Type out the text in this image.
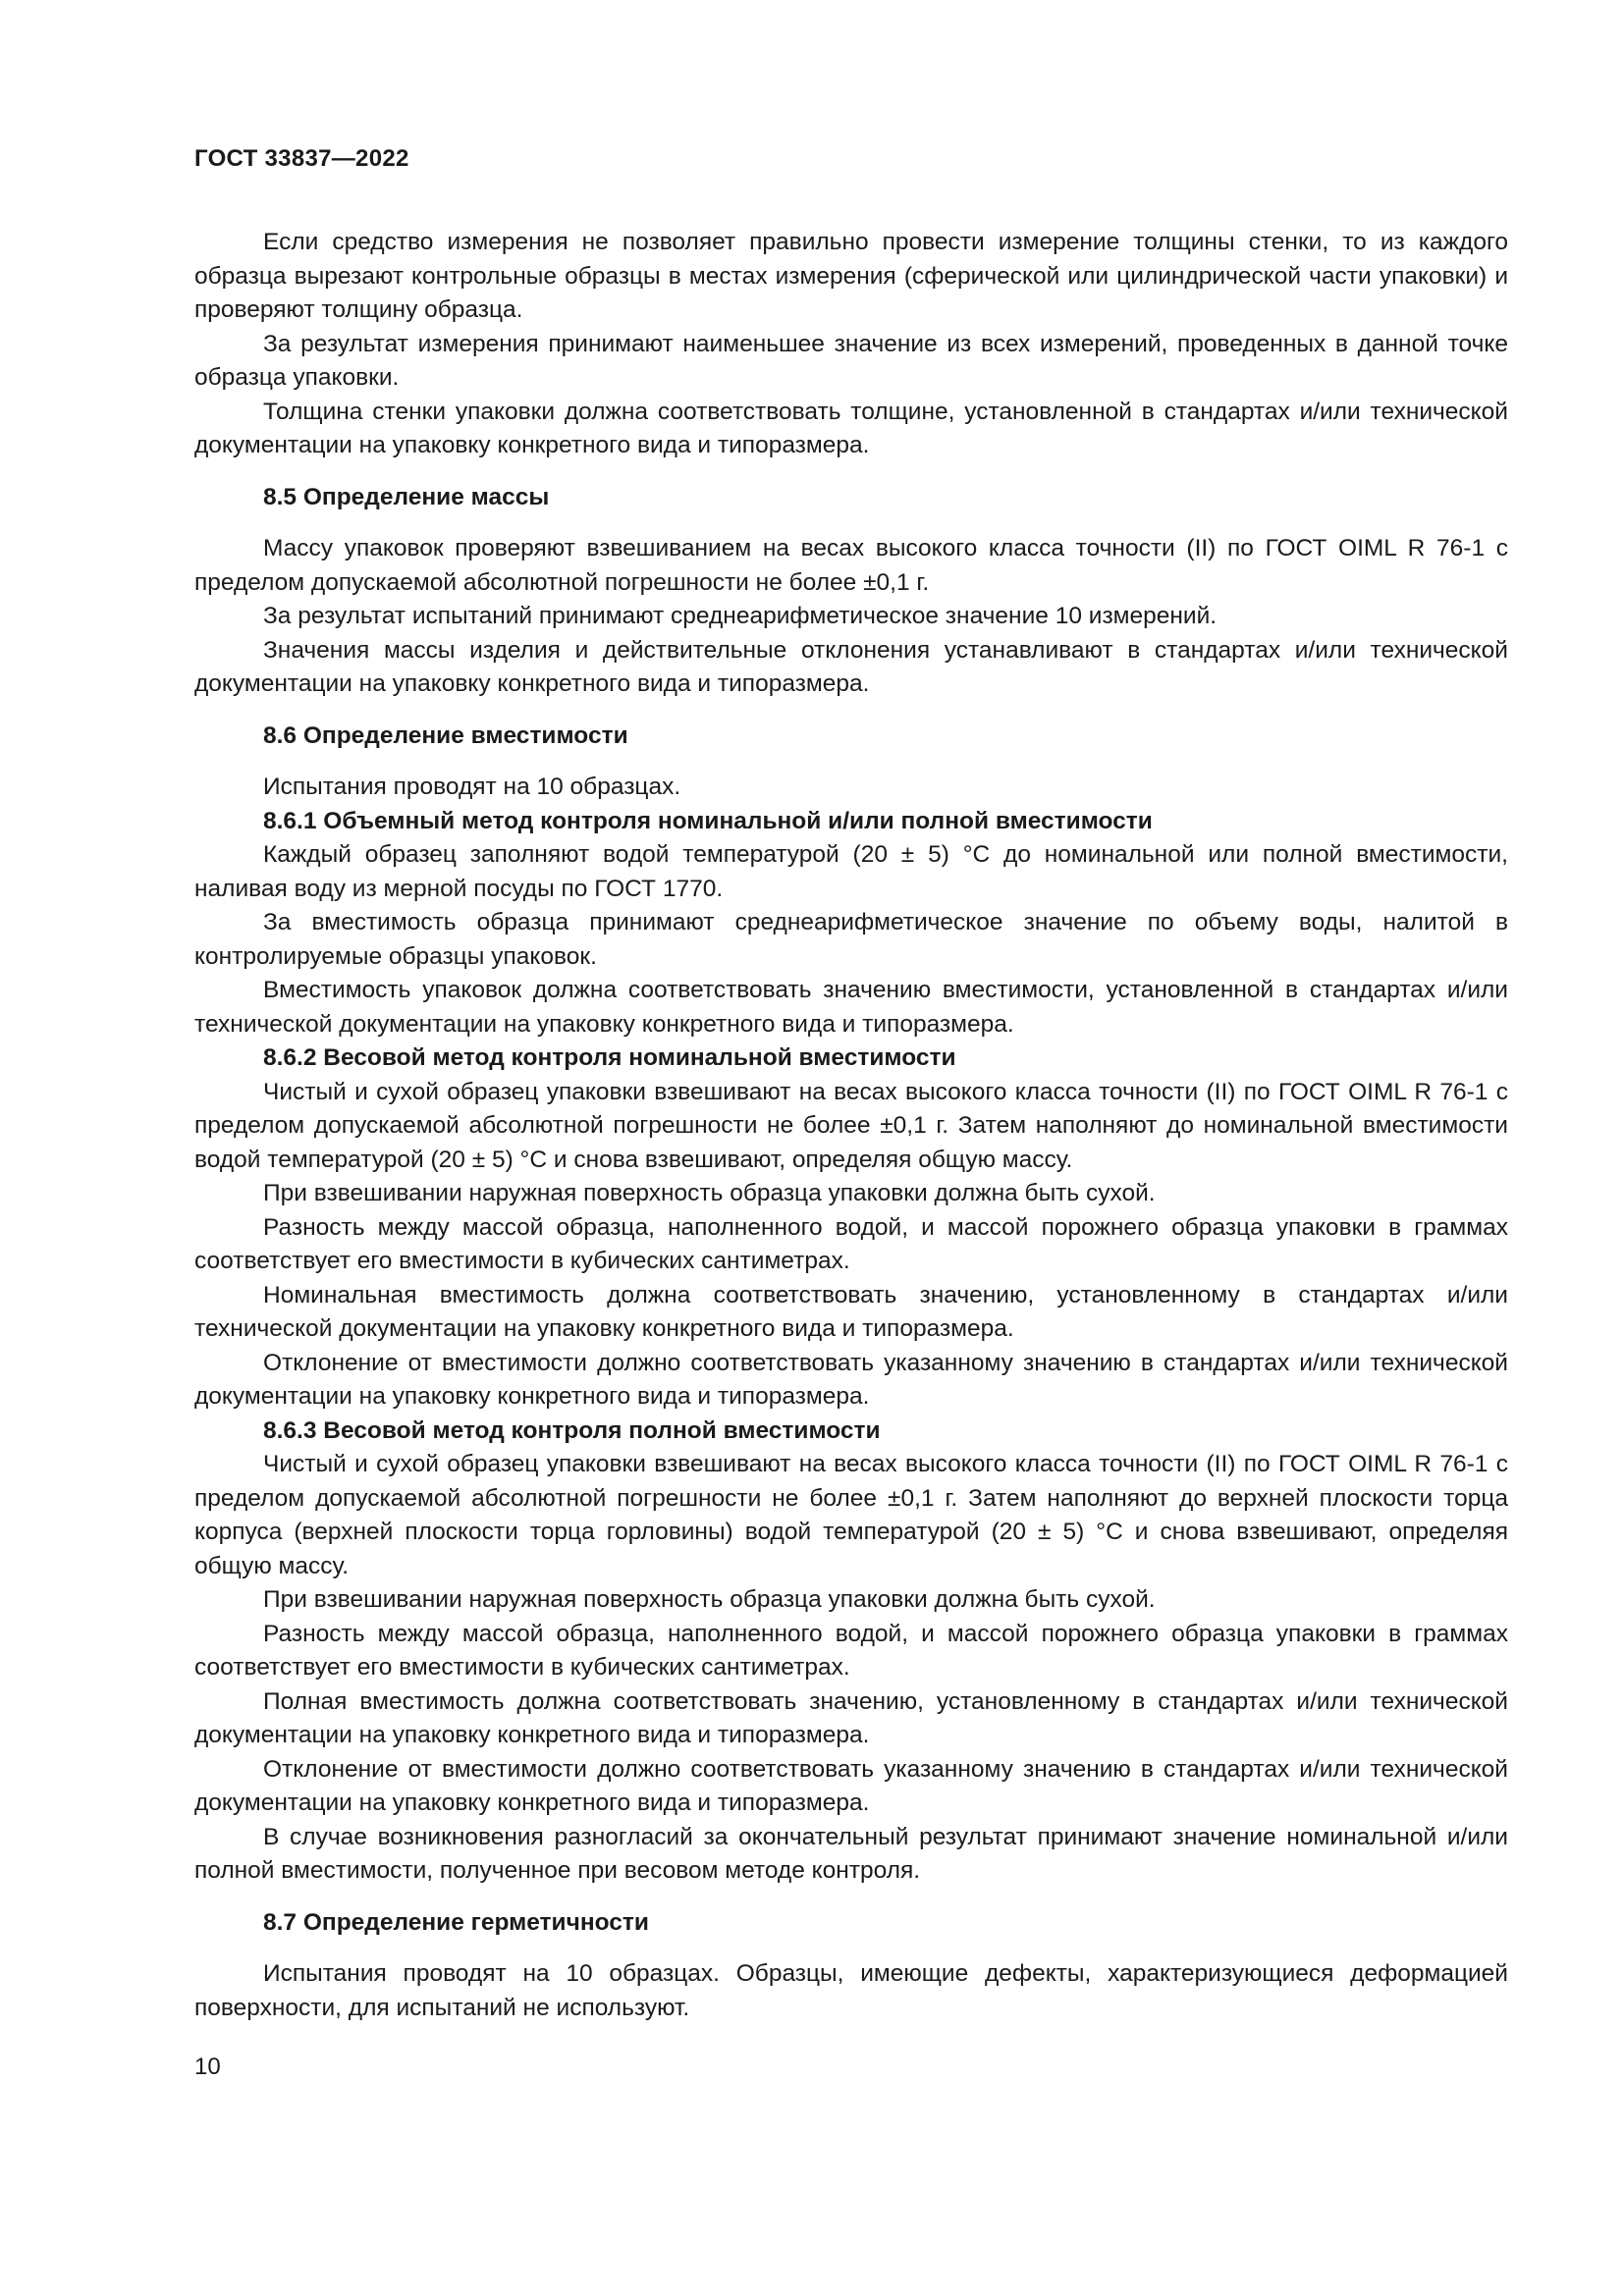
ГОСТ 33837—2022

Если средство измерения не позволяет правильно провести измерение толщины стенки, то из каждого образца вырезают контрольные образцы в местах измерения (сферической или цилиндрической части упаковки) и проверяют толщину образца.

За результат измерения принимают наименьшее значение из всех измерений, проведенных в данной точке образца упаковки.

Толщина стенки упаковки должна соответствовать толщине, установленной в стандартах и/или технической документации на упаковку конкретного вида и типоразмера.

8.5 Определение массы

Массу упаковок проверяют взвешиванием на весах высокого класса точности (II) по ГОСТ OIML R 76-1 с пределом допускаемой абсолютной погрешности не более ±0,1 г.

За результат испытаний принимают среднеарифметическое значение 10 измерений.

Значения массы изделия и действительные отклонения устанавливают в стандартах и/или технической документации на упаковку конкретного вида и типоразмера.

8.6 Определение вместимости

Испытания проводят на 10 образцах.

8.6.1 Объемный метод контроля номинальной и/или полной вместимости

Каждый образец заполняют водой температурой (20 ± 5) °С до номинальной или полной вместимости, наливая воду из мерной посуды по ГОСТ 1770.

За вместимость образца принимают среднеарифметическое значение по объему воды, налитой в контролируемые образцы упаковок.

Вместимость упаковок должна соответствовать значению вместимости, установленной в стандартах и/или технической документации на упаковку конкретного вида и типоразмера.

8.6.2 Весовой метод контроля номинальной вместимости

Чистый и сухой образец упаковки взвешивают на весах высокого класса точности (II) по ГОСТ OIML R 76-1 с пределом допускаемой абсолютной погрешности не более ±0,1 г. Затем наполняют до номинальной вместимости водой температурой (20 ± 5) °С и снова взвешивают, определяя общую массу.

При взвешивании наружная поверхность образца упаковки должна быть сухой.

Разность между массой образца, наполненного водой, и массой порожнего образца упаковки в граммах соответствует его вместимости в кубических сантиметрах.

Номинальная вместимость должна соответствовать значению, установленному в стандартах и/или технической документации на упаковку конкретного вида и типоразмера.

Отклонение от вместимости должно соответствовать указанному значению в стандартах и/или технической документации на упаковку конкретного вида и типоразмера.

8.6.3 Весовой метод контроля полной вместимости

Чистый и сухой образец упаковки взвешивают на весах высокого класса точности (II) по ГОСТ OIML R 76-1 с пределом допускаемой абсолютной погрешности не более ±0,1 г. Затем наполняют до верхней плоскости торца корпуса (верхней плоскости торца горловины) водой температурой (20 ± 5) °С и снова взвешивают, определяя общую массу.

При взвешивании наружная поверхность образца упаковки должна быть сухой.

Разность между массой образца, наполненного водой, и массой порожнего образца упаковки в граммах соответствует его вместимости в кубических сантиметрах.

Полная вместимость должна соответствовать значению, установленному в стандартах и/или технической документации на упаковку конкретного вида и типоразмера.

Отклонение от вместимости должно соответствовать указанному значению в стандартах и/или технической документации на упаковку конкретного вида и типоразмера.

В случае возникновения разногласий за окончательный результат принимают значение номинальной и/или полной вместимости, полученное при весовом методе контроля.

8.7 Определение герметичности

Испытания проводят на 10 образцах. Образцы, имеющие дефекты, характеризующиеся деформацией поверхности, для испытаний не используют.

10
